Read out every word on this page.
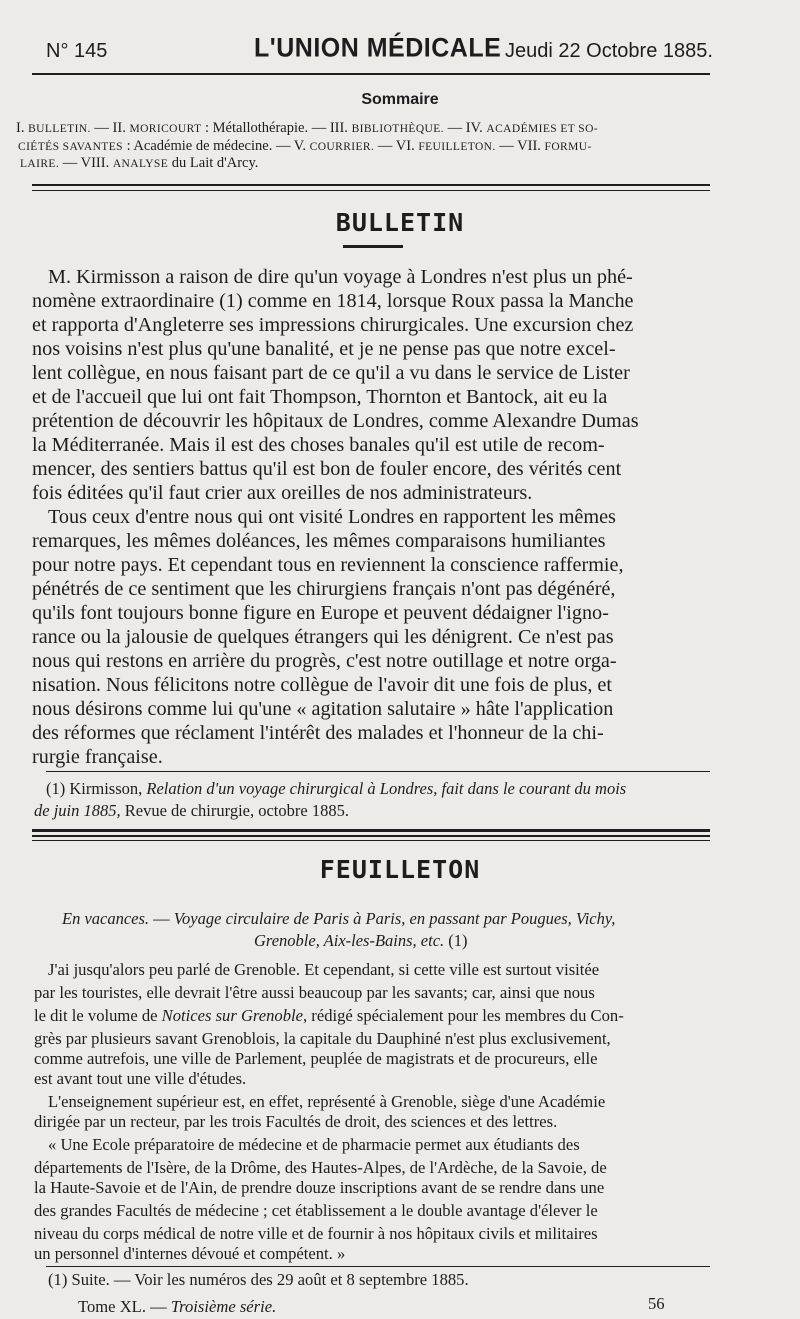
N° 145	L'UNION MÉDICALE Jeudi 22 Octobre 1885.
Sommaire
I. BULLETIN. — II. MORICOURT : Métallothérapie. — III. BIBLIOTHÈQUE. — IV. ACADÉMIES ET SO-
CIÉTÉS SAVANTES : Académie de médecine. — V. COURRIER. — VI. FEUILLETON. — VII. FORMU-
LAIRE. — VIII. ANALYSE du Lait d'Arcy.
BULLETIN
M. Kirmisson a raison de dire qu'un voyage à Londres n'est plus un phé-
nomène extraordinaire (1) comme en 1814, lorsque Roux passa la Manche
et rapporta d'Angleterre ses impressions chirurgicales. Une excursion chez
nos voisins n'est plus qu'une banalité, et je ne pense pas que notre excel-
lent collègue, en nous faisant part de ce qu'il a vu dans le service de Lister
et de l'accueil que lui ont fait Thompson, Thornton et Bantock, ait eu la
prétention de découvrir les hôpitaux de Londres, comme Alexandre Dumas
la Méditerranée. Mais il est des choses banales qu'il est utile de recom-
mencer, des sentiers battus qu'il est bon de fouler encore, des vérités cent
fois éditées qu'il faut crier aux oreilles de nos administrateurs.
Tous ceux d'entre nous qui ont visité Londres en rapportent les mêmes
remarques, les mêmes doléances, les mêmes comparaisons humiliantes
pour notre pays. Et cependant tous en reviennent la conscience raffermie,
pénétrés de ce sentiment que les chirurgiens français n'ont pas dégénéré,
qu'ils font toujours bonne figure en Europe et peuvent dédaigner l'igno-
rance ou la jalousie de quelques étrangers qui les dénigrent. Ce n'est pas
nous qui restons en arrière du progrès, c'est notre outillage et notre orga-
nisation. Nous félicitons notre collègue de l'avoir dit une fois de plus, et
nous désirons comme lui qu'une « agitation salutaire » hâte l'application
des réformes que réclament l'intérêt des malades et l'honneur de la chi-
rurgie française.
(1) Kirmisson, Relation d'un voyage chirurgical à Londres, fait dans le courant du mois
de juin 1885, Revue de chirurgie, octobre 1885.
FEUILLETON
En vacances. — Voyage circulaire de Paris à Paris, en passant par Pougues, Vichy,
Grenoble, Aix-les-Bains, etc. (1)
J'ai jusqu'alors peu parlé de Grenoble. Et cependant, si cette ville est surtout visitée
par les touristes, elle devrait l'être aussi beaucoup par les savants; car, ainsi que nous
le dit le volume de Notices sur Grenoble, rédigé spécialement pour les membres du Con-
grès par plusieurs savant Grenoblois, la capitale du Dauphiné n'est plus exclusivement,
comme autrefois, une ville de Parlement, peuplée de magistrats et de procureurs, elle
est avant tout une ville d'études.
L'enseignement supérieur est, en effet, représenté à Grenoble, siège d'une Académie
dirigée par un recteur, par les trois Facultés de droit, des sciences et des lettres.
« Une Ecole préparatoire de médecine et de pharmacie permet aux étudiants des
départements de l'Isère, de la Drôme, des Hautes-Alpes, de l'Ardèche, de la Savoie, de
la Haute-Savoie et de l'Ain, de prendre douze inscriptions avant de se rendre dans une
des grandes Facultés de médecine ; cet établissement a le double avantage d'élever le
niveau du corps médical de notre ville et de fournir à nos hôpitaux civils et militaires
un personnel d'internes dévoué et compétent. »
(1) Suite. — Voir les numéros des 29 août et 8 septembre 1885.
Tome XL. — Troisième série.	56
